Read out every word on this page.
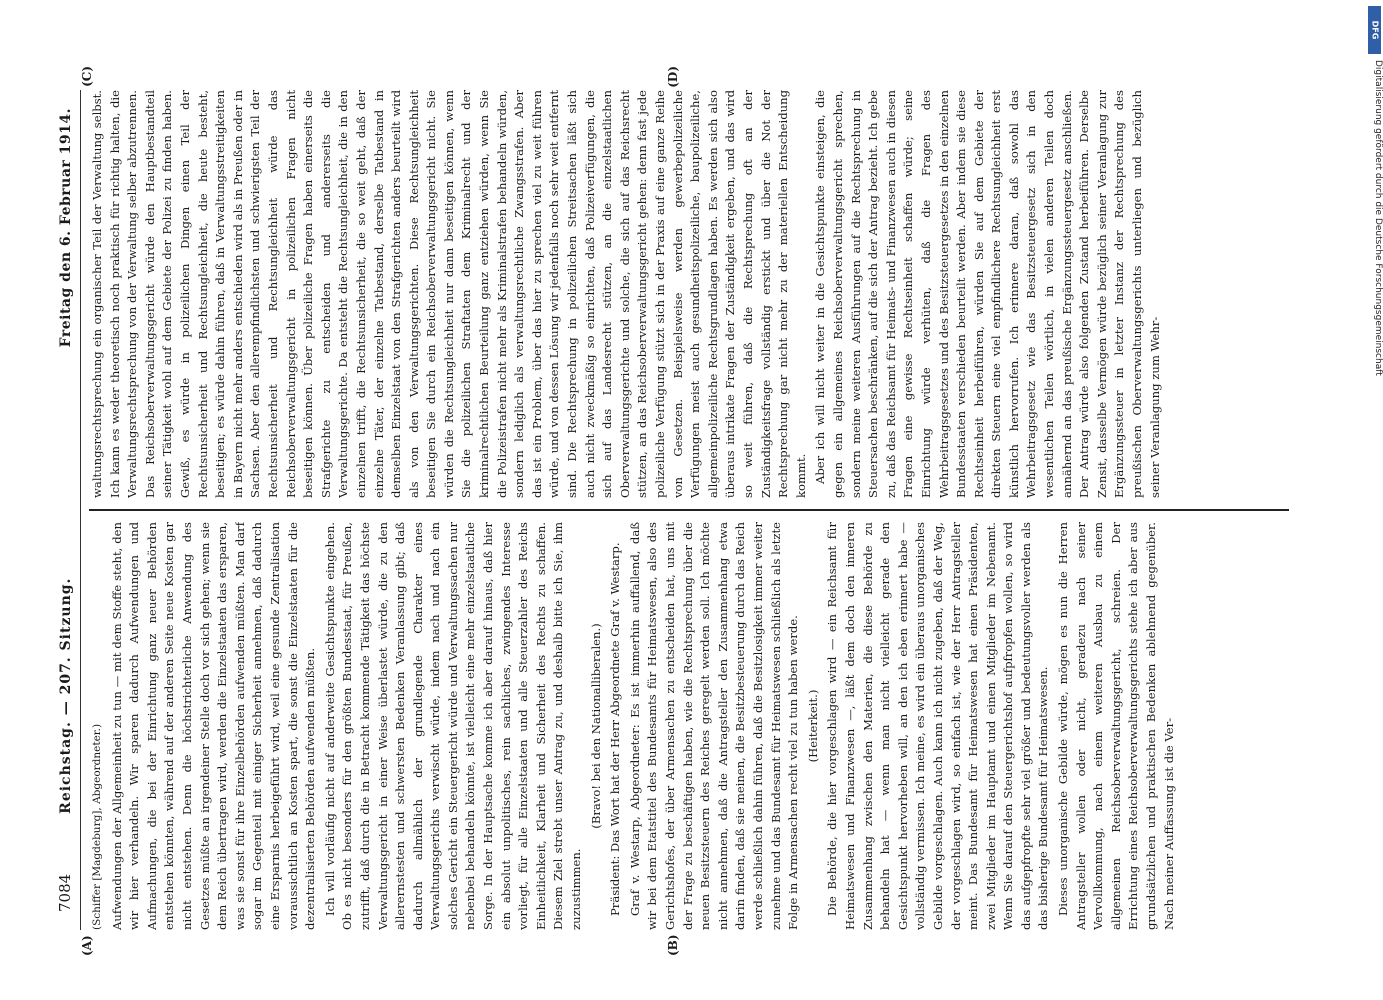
7084
Reichstag. — 207. Sitzung.
Freitag den 6. Februar 1914.
(A)	(B)
(C)	(D)

(Schiffer [Magdeburg], Abgeordneter.) Aufwendungen der Allgemeinheit zu tun — mit dem Stoffe steht, den wir hier verhandeln. Wir sparen dadurch Aufwendungen und Aufmachungen, die bei der Einrichtung ganz neuer Behörden entstehen könnten, während auf der anderen Seite neue Kosten gar nicht entstehen. Denn die höchstrichterliche Anwendung des Gesetzes müßte an irgendeiner Stelle doch vor sich gehen; wenn sie dem Reich übertragen wird, werden die Einzelstaaten das ersparen, was sie sonst für ihre Einzelbehörden aufwenden müßten. Man darf sogar im Gegenteil mit einiger Sicherheit annehmen, daß dadurch eine Ersparnis herbeigeführt wird, weil eine gesunde Zentralisation voraussichtlich an Kosten spart, die sonst die Einzelstaaten für die dezentralisierten Behörden aufwenden müßten. Ich will vorläufig nicht auf anderweite Gesichtspunkte eingehen. Ob es nicht besonders für den größten Bundesstaat, für Preußen, zutrifft, daß durch die in Betracht kommende Tätigkeit das höchste Verwaltungsgericht in einer Weise überlastet würde, die zu den allerernstesten und schwersten Bedenken Veranlassung gibt; daß dadurch allmählich der grundlegende Charakter eines Verwaltungsgerichts verwischt würde, indem nach und nach ein solches Gericht ein Steuergericht würde und Verwaltungssachen nur nebenbei behandeln könnte, ist vielleicht eine mehr einzelstaatliche Sorge. In der Hauptsache komme ich aber darauf hinaus, daß hier ein absolut unpolitisches, rein sachliches, zwingendes Interesse vorliegt, für alle Einzelstaaten und alle Steuerzahler des Reichs Einheitlichkeit, Klarheit und Sicherheit des Rechts zu schaffen. Diesem Ziel strebt unser Antrag zu, und deshalb bitte ich Sie, ihm zuzustimmen.

(Bravo! bei den Nationalliberalen.) Präsident: Das Wort hat der Herr Abgeordnete Graf v. Westarp. Graf v. Westarp, Abgeordneter: Es ist immerhin auffallend, daß wir bei dem Etatstitel des Bundesamts für Heimatswesen, also des Gerichtshofes, der über Armensachen zu entscheiden hat, uns mit der Frage zu beschäftigen haben, wie die Rechtsprechung über die neuen Besitzsteuern des Reiches geregelt werden soll. Ich möchte nicht annehmen, daß die Antragsteller den Zusammenhang etwa darin finden, daß sie meinen, die Besitzbesteuerung durch das Reich werde schließlich dahin führen, daß die Besitzlosigkeit immer weiter zunehme und das Bundesamt für Heimatswesen schließlich als letzte Folge in Armensachen recht viel zu tun haben werde. (Heiterkeit.) Die Behörde, die hier vorgeschlagen wird — ein Reichsamt für Heimatswesen und Finanzwesen —, läßt dem doch den inneren Zusammenhang zwischen den Materien, die diese Behörde zu behandeln hat — wenn man nicht vielleicht gerade den Gesichtspunkt hervorheben will, an den ich eben erinnert habe — vollständig vermissen. Ich meine, es wird ein überaus unorganisches Gebilde vorgeschlagen. Auch kann ich nicht zugeben, daß der Weg, der vorgeschlagen wird, so einfach ist, wie der Herr Antragsteller meint. Das Bundesamt für Heimatswesen hat einen Präsidenten, zwei Mitglieder im Hauptamt und einen Mitglieder im Nebenamt. Wenn Sie darauf den Steuergerichtshof aufpfropfen wollen, so wird das aufgepfropfte sehr viel größer und bedeutungsvoller werden als das bisherige Bundesamt für Heimatswesen. Dieses unorganische Gebilde würde, mögen es nun die Herren Antragsteller wollen oder nicht, geradezu nach seiner Vervollkommung, nach einem weiteren Ausbau zu einem allgemeinen Reichsoberverwaltungsgericht, schreien. Der Errichtung eines Reichsoberverwaltungsgerichts stehe ich aber aus grundsätzlichen und praktischen Bedenken ablehnend gegenüber. Nach meiner Auffassung ist die Ver-

waltungsrechtsprechung ein organischer Teil der Verwaltung selbst. Ich kann es weder theoretisch noch praktisch für richtig halten, die Verwaltungsrechtsprechung von der Verwaltung selber abzutrennen. Das Reichsoberverwaltungsgericht würde den Hauptbestandteil seiner Tätigkeit wohl auf dem Gebiete der Polizei zu finden haben. Gewiß, es würde in polizeilichen Dingen einen Teil der Rechtsunsicherheit und Rechtsungleichheit, die heute besteht, beseitigen; es würde dahin führen, daß in Verwaltungsstreitigkeiten in Bayern nicht mehr anders entschieden wird als in Preußen oder in Sachsen. Aber den allerempfindlichsten und schwierigsten Teil der Rechtsunsicherheit und Rechtsungleichheit würde das Reichsoberverwaltungsgericht in polizeilichen Fragen nicht beseitigen können. Über polizeiliche Fragen haben einerseits die Strafgerichte zu entscheiden und andererseits die Verwaltungsgerichte. Da entsteht die Rechtsungleichheit, die in den einzelnen trifft, die Rechtsunsicherheit, die so weit geht, daß der einzelne Täter, der einzelne Tatbestand, derselbe Tatbestand in demselben Einzelstaat von den Strafgerichten anders beurteilt wird als von den Verwaltungsgerichten. Diese Rechtsungleichheit beseitigen Sie durch ein Reichsoberverwaltungsgericht nicht. Sie würden die Rechtsungleichheit nur dann beseitigen können, wenn Sie die polizeilichen Straftaten dem Kriminalrecht und der kriminalrechtlichen Beurteilung ganz entziehen würden, wenn Sie die Polizeistrafen nicht mehr als Kriminalstrafen behandeln würden, sondern lediglich als verwaltungsrechtliche Zwangsstrafen. Aber das ist ein Problem, über das hier zu sprechen viel zu weit führen würde, und von dessen Lösung wir jedenfalls noch sehr weit entfernt sind. Die Rechtsprechung in polizeilichen Streitsachen läßt sich auch nicht zweckmäßig so einrichten, daß Polizeiverfügungen, die sich auf das Landesrecht stützen, an die einzelstaatlichen Oberverwaltungsgerichte und solche, die sich auf das Reichsrecht stützen, an das Reichsoberverwaltungsgericht gehen: denn fast jede polizeiliche Verfügung stützt sich in der Praxis auf eine ganze Reihe von Gesetzen. Beispielsweise werden gewerbepolizeiliche Verfügungen meist auch gesundheitspolizeiliche, baupolizeiliche, allgemeinpolizeiliche Rechtsgrundlagen haben. Es werden sich also überaus intrikate Fragen der Zuständigkeit ergeben, und das wird so weit führen, daß die Rechtsprechung oft an der Zuständigkeitsfrage vollständig erstickt und über die Not der Rechtsprechung gar nicht mehr zu der materiellen Entscheidung kommt. Aber ich will nicht weiter in die Gesichtspunkte einsteigen, die gegen ein allgemeines Reichsoberverwaltungsgericht sprechen, sondern meine weiteren Ausführungen auf die Rechtsprechung in Steuersachen beschränken, auf die sich der Antrag bezieht. Ich gebe zu, daß das Reichsamt für Heimats- und Finanzwesen auch in diesen Fragen eine gewisse Rechtseinheit schaffen würde; seine Einrichtung würde verhüten, daß die Fragen des Wehrbeitragsgesetzes und des Besitzsteuergesetzes in den einzelnen Bundesstaaten verschieden beurteilt werden. Aber indem sie diese Rechtseinheit herbeiführen, würden Sie auf dem Gebiete der direkten Steuern eine viel empfindlichere Rechtsungleichheit erst künstlich hervorrufen. Ich erinnere daran, daß sowohl das Wehrbeitragsgesetz wie das Besitzsteuergesetz sich in den wesentlichen Teilen wörtlich, in vielen anderen Teilen doch annähernd an das preußische Ergänzungssteuergesetz anschließen. Der Antrag würde also folgenden Zustand herbeiführen. Derselbe Zensit, dasselbe Vermögen würde bezüglich seiner Veranlagung zur Ergänzungssteuer in letzter Instanz der Rechtsprechung des preußischen Oberverwaltungsgerichts unterliegen und bezüglich seiner Veranlagung zum Wehr-

DFG
Digitalisierung gefördert durch die Deutsche Forschungsgemeinschaft
